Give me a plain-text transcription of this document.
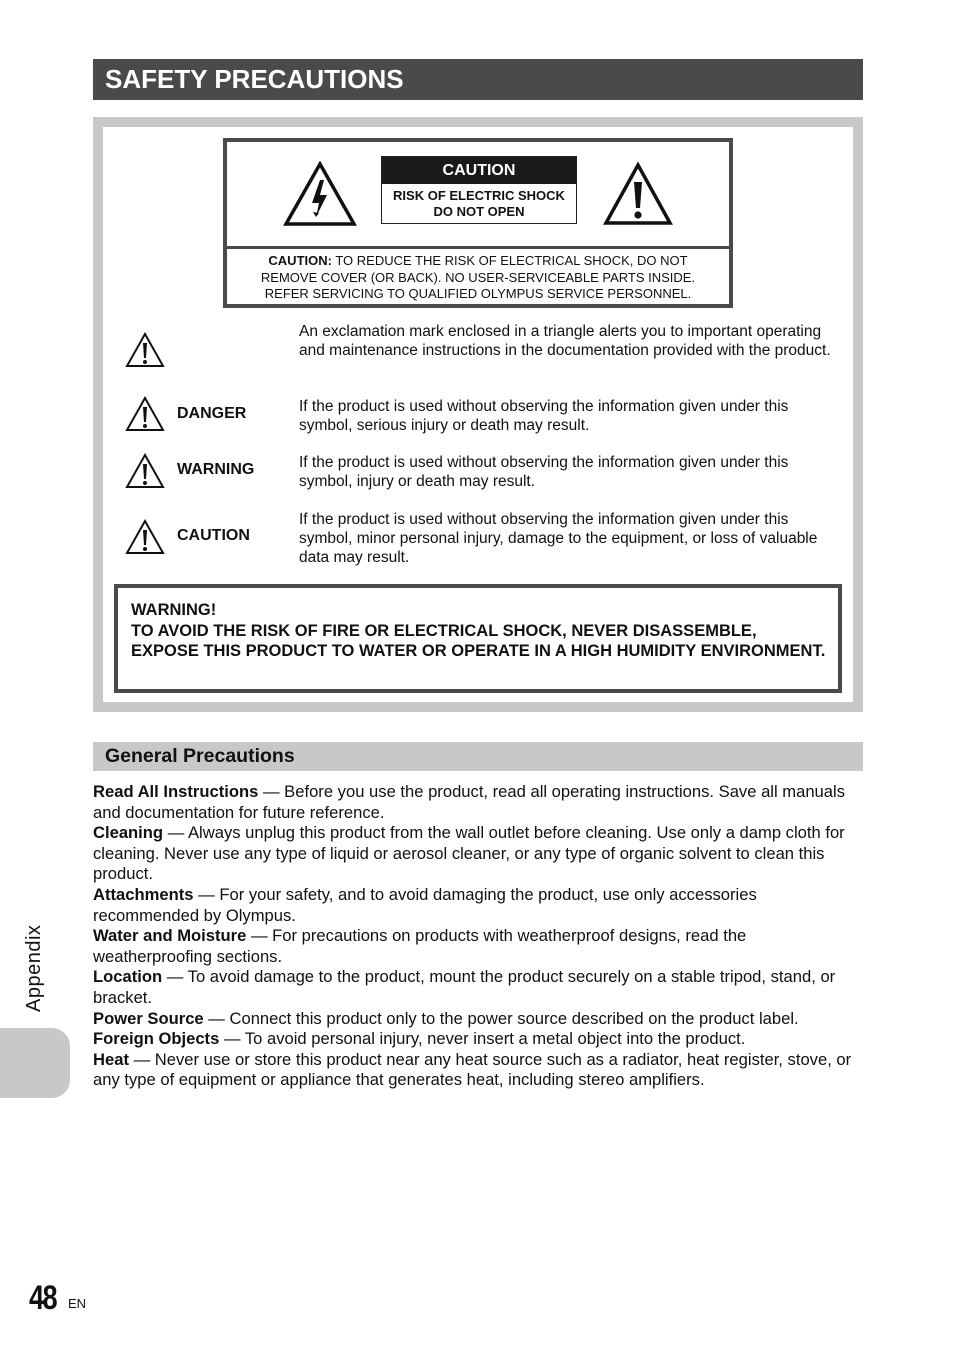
SAFETY PRECAUTIONS
CAUTION
RISK OF ELECTRIC SHOCK
DO NOT OPEN
CAUTION: TO REDUCE THE RISK OF ELECTRICAL SHOCK, DO NOT
REMOVE COVER (OR BACK). NO USER-SERVICEABLE PARTS INSIDE.
REFER SERVICING TO QUALIFIED OLYMPUS SERVICE PERSONNEL.
An exclamation mark enclosed in a triangle alerts you to important operating and maintenance instructions in the documentation provided with the product.
DANGER	If the product is used without observing the information given under this symbol, serious injury or death may result.
WARNING	If the product is used without observing the information given under this symbol, injury or death may result.
CAUTION
If the product is used without observing the information given under this symbol, minor personal injury, damage to the equipment, or loss of valuable data may result.
WARNING!
TO AVOID THE RISK OF FIRE OR ELECTRICAL SHOCK, NEVER DISASSEMBLE, EXPOSE THIS PRODUCT TO WATER OR OPERATE IN A HIGH HUMIDITY ENVIRONMENT.
General Precautions

Read All Instructions — Before you use the product, read all operating instructions. Save all manuals and documentation for future reference.

Cleaning — Always unplug this product from the wall outlet before cleaning. Use only a damp cloth for cleaning. Never use any type of liquid or aerosol cleaner, or any type of organic solvent to clean this product.

Attachments — For your safety, and to avoid damaging the product, use only accessories recommended by Olympus.

Water and Moisture — For precautions on products with weatherproof designs, read the weatherproofing sections.

Location — To avoid damage to the product, mount the product securely on a stable tripod, stand, or bracket.

Power Source — Connect this product only to the power source described on the product label.

Foreign Objects — To avoid personal injury, never insert a metal object into the product.

Heat — Never use or store this product near any heat source such as a radiator, heat register, stove, or any type of equipment or appliance that generates heat, including stereo amplifiers.

Appendix
48 EN
